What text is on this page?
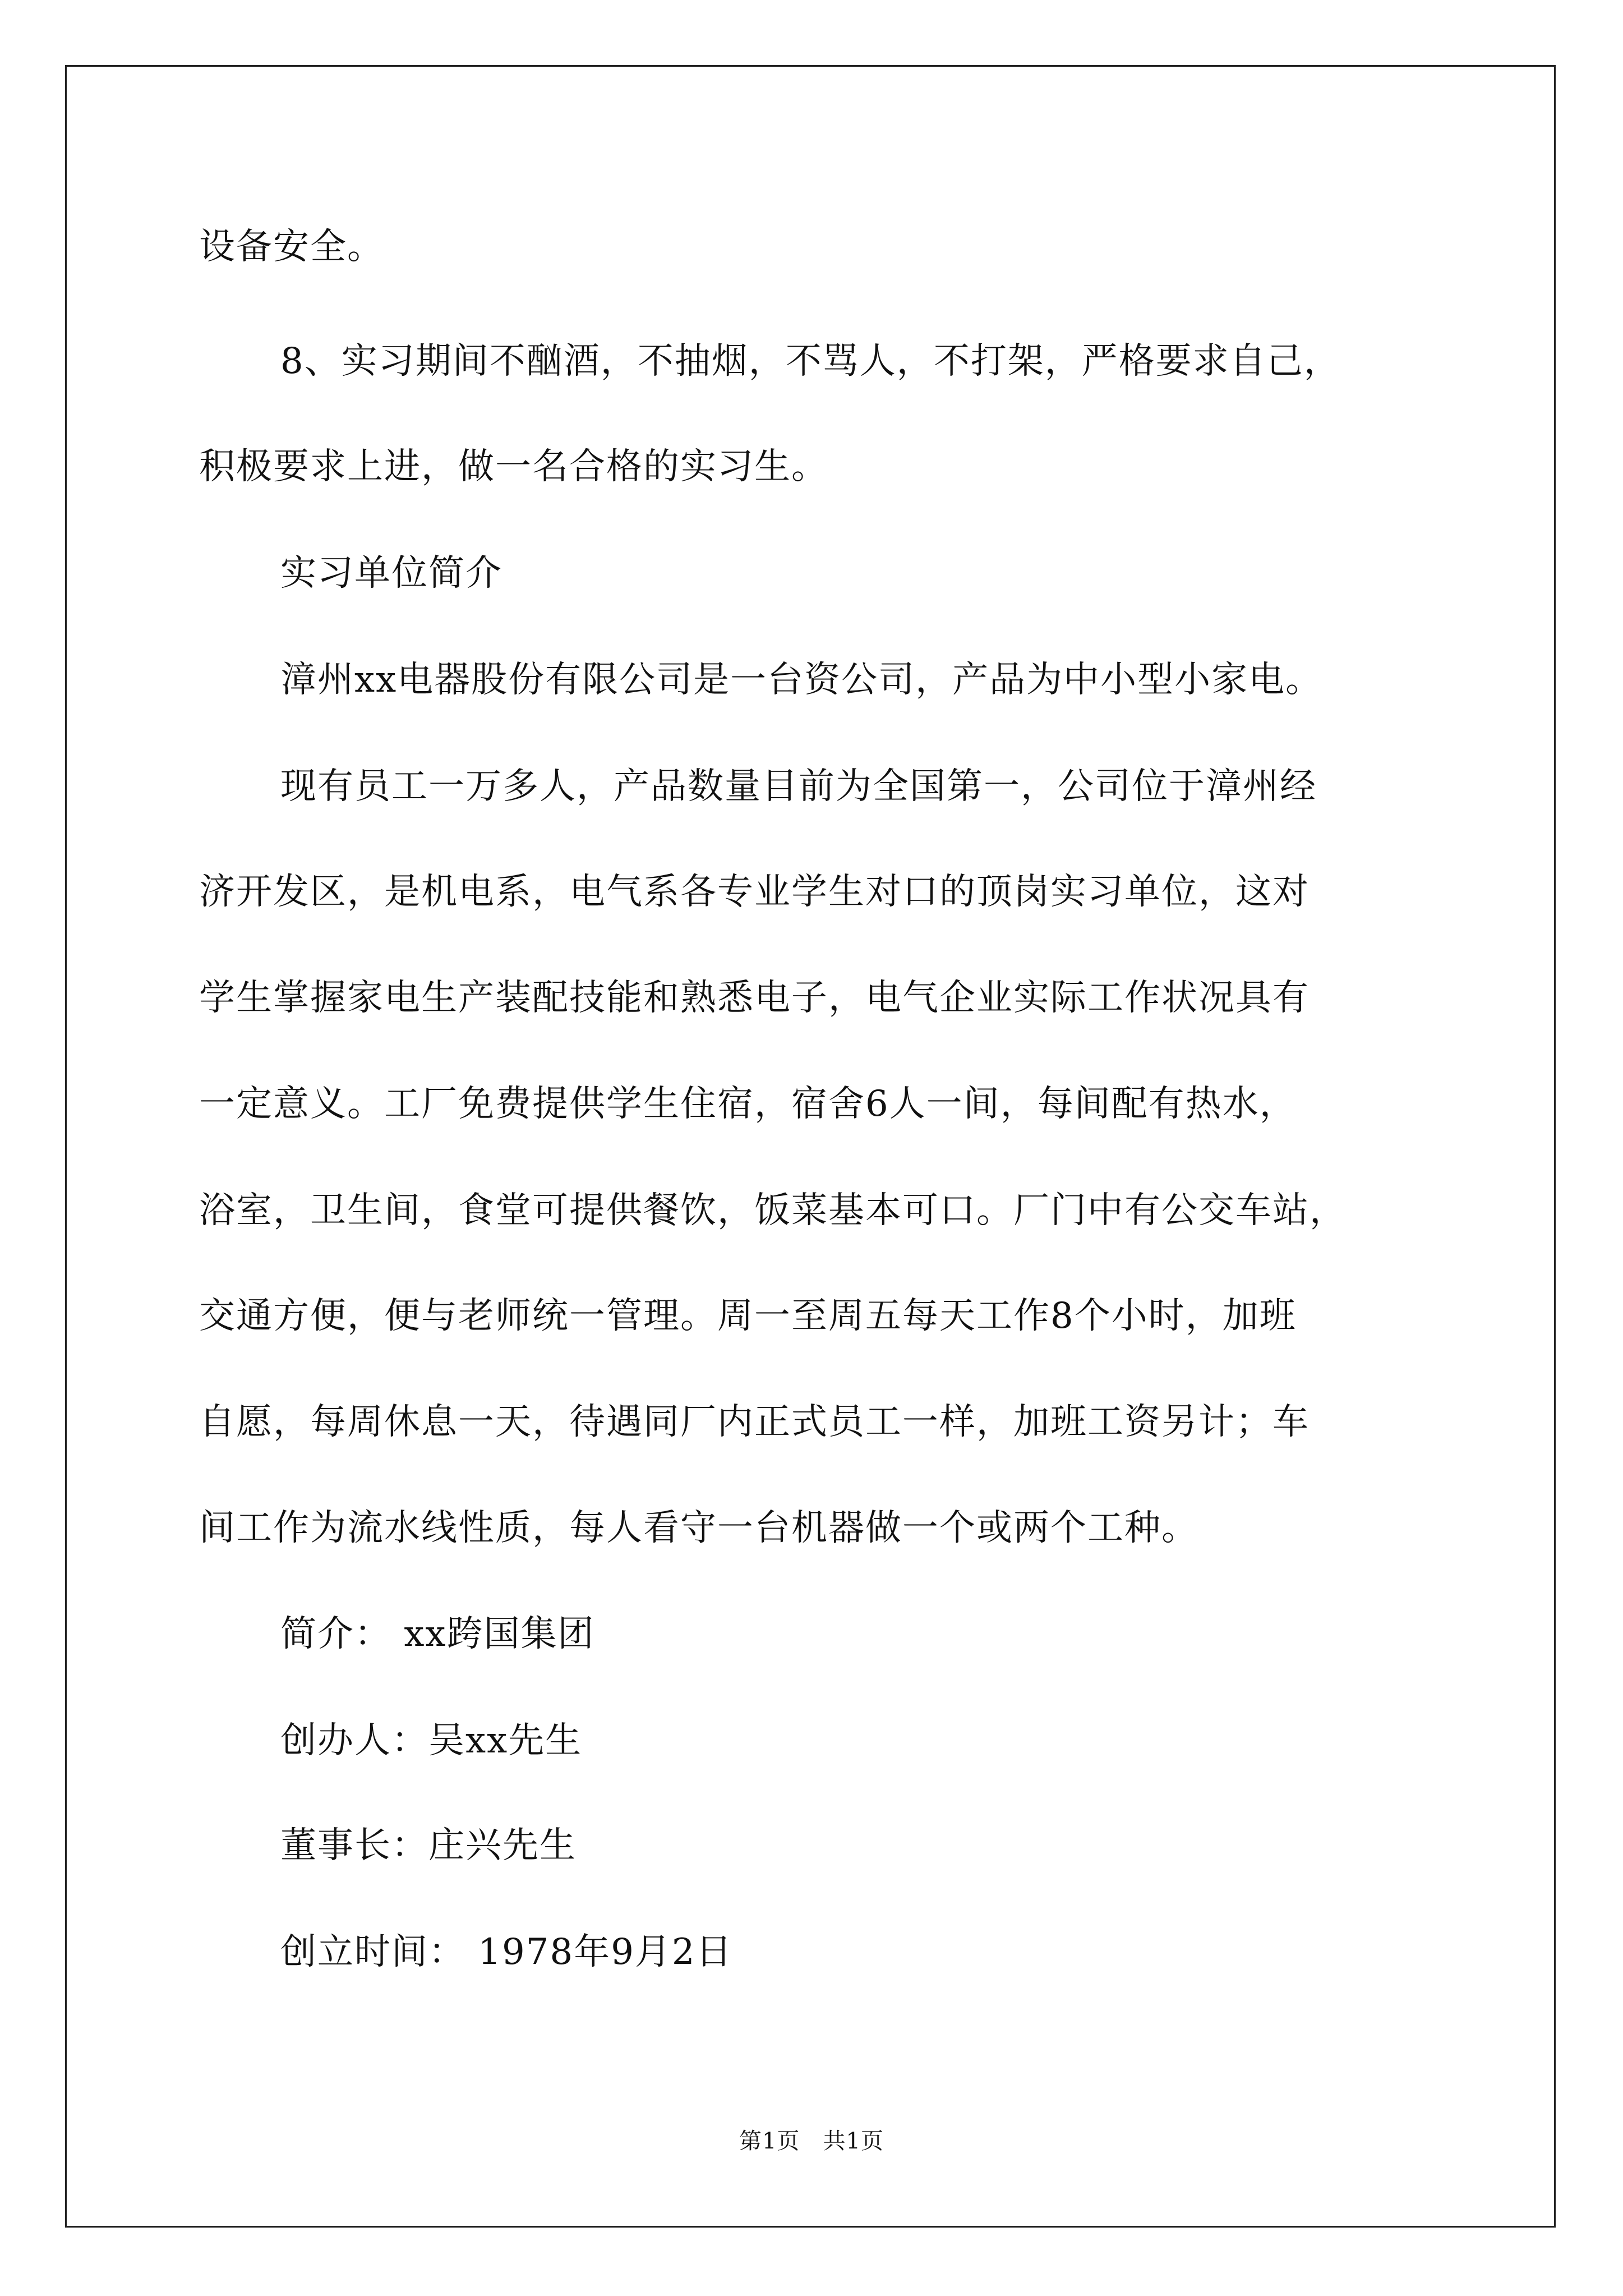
设备安全。
8、实习期间不酗酒，不抽烟，不骂人，不打架，严格要求自己，
积极要求上进，做一名合格的实习生。
实习单位简介
漳州xx电器股份有限公司是一台资公司，产品为中小型小家电。
现有员工一万多人，产品数量目前为全国第一，公司位于漳州经
济开发区，是机电系，电气系各专业学生对口的顶岗实习单位，这对
学生掌握家电生产装配技能和熟悉电子，电气企业实际工作状况具有
一定意义。工厂免费提供学生住宿，宿舍6人一间，每间配有热水，
浴室，卫生间，食堂可提供餐饮，饭菜基本可口。厂门中有公交车站，
交通方便，便与老师统一管理。周一至周五每天工作8个小时，加班
自愿，每周休息一天，待遇同厂内正式员工一样，加班工资另计；车
间工作为流水线性质，每人看守一台机器做一个或两个工种。
简介： xx跨国集团
创办人：吴xx先生
董事长：庄兴先生
创立时间： 1978年9月2日
第1页   共1页
